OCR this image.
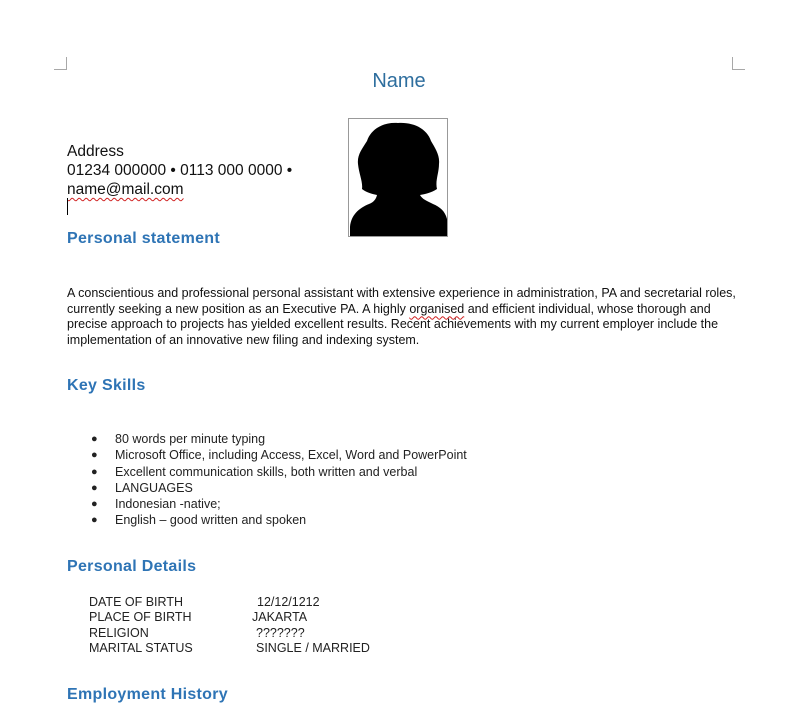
Name
Address
01234 000000 • 0113 000 0000 •
name@mail.com
Personal statement
A conscientious and professional personal assistant with extensive experience in administration, PA and secretarial roles, currently seeking a new position as an Executive PA. A highly organised and efficient individual, whose thorough and precise approach to projects has yielded excellent results. Recent achievements with my current employer include the implementation of an innovative new filing and indexing system.
Key Skills
● 80 words per minute typing
● Microsoft Office, including Access, Excel, Word and PowerPoint
● Excellent communication skills, both written and verbal
● LANGUAGES
● Indonesian -native;
● English – good written and spoken
Personal Details
DATE OF BIRTH	12/12/1212
PLACE OF BIRTH	JAKARTA
RELIGION	???????
MARITAL STATUS	SINGLE / MARRIED
Employment History
